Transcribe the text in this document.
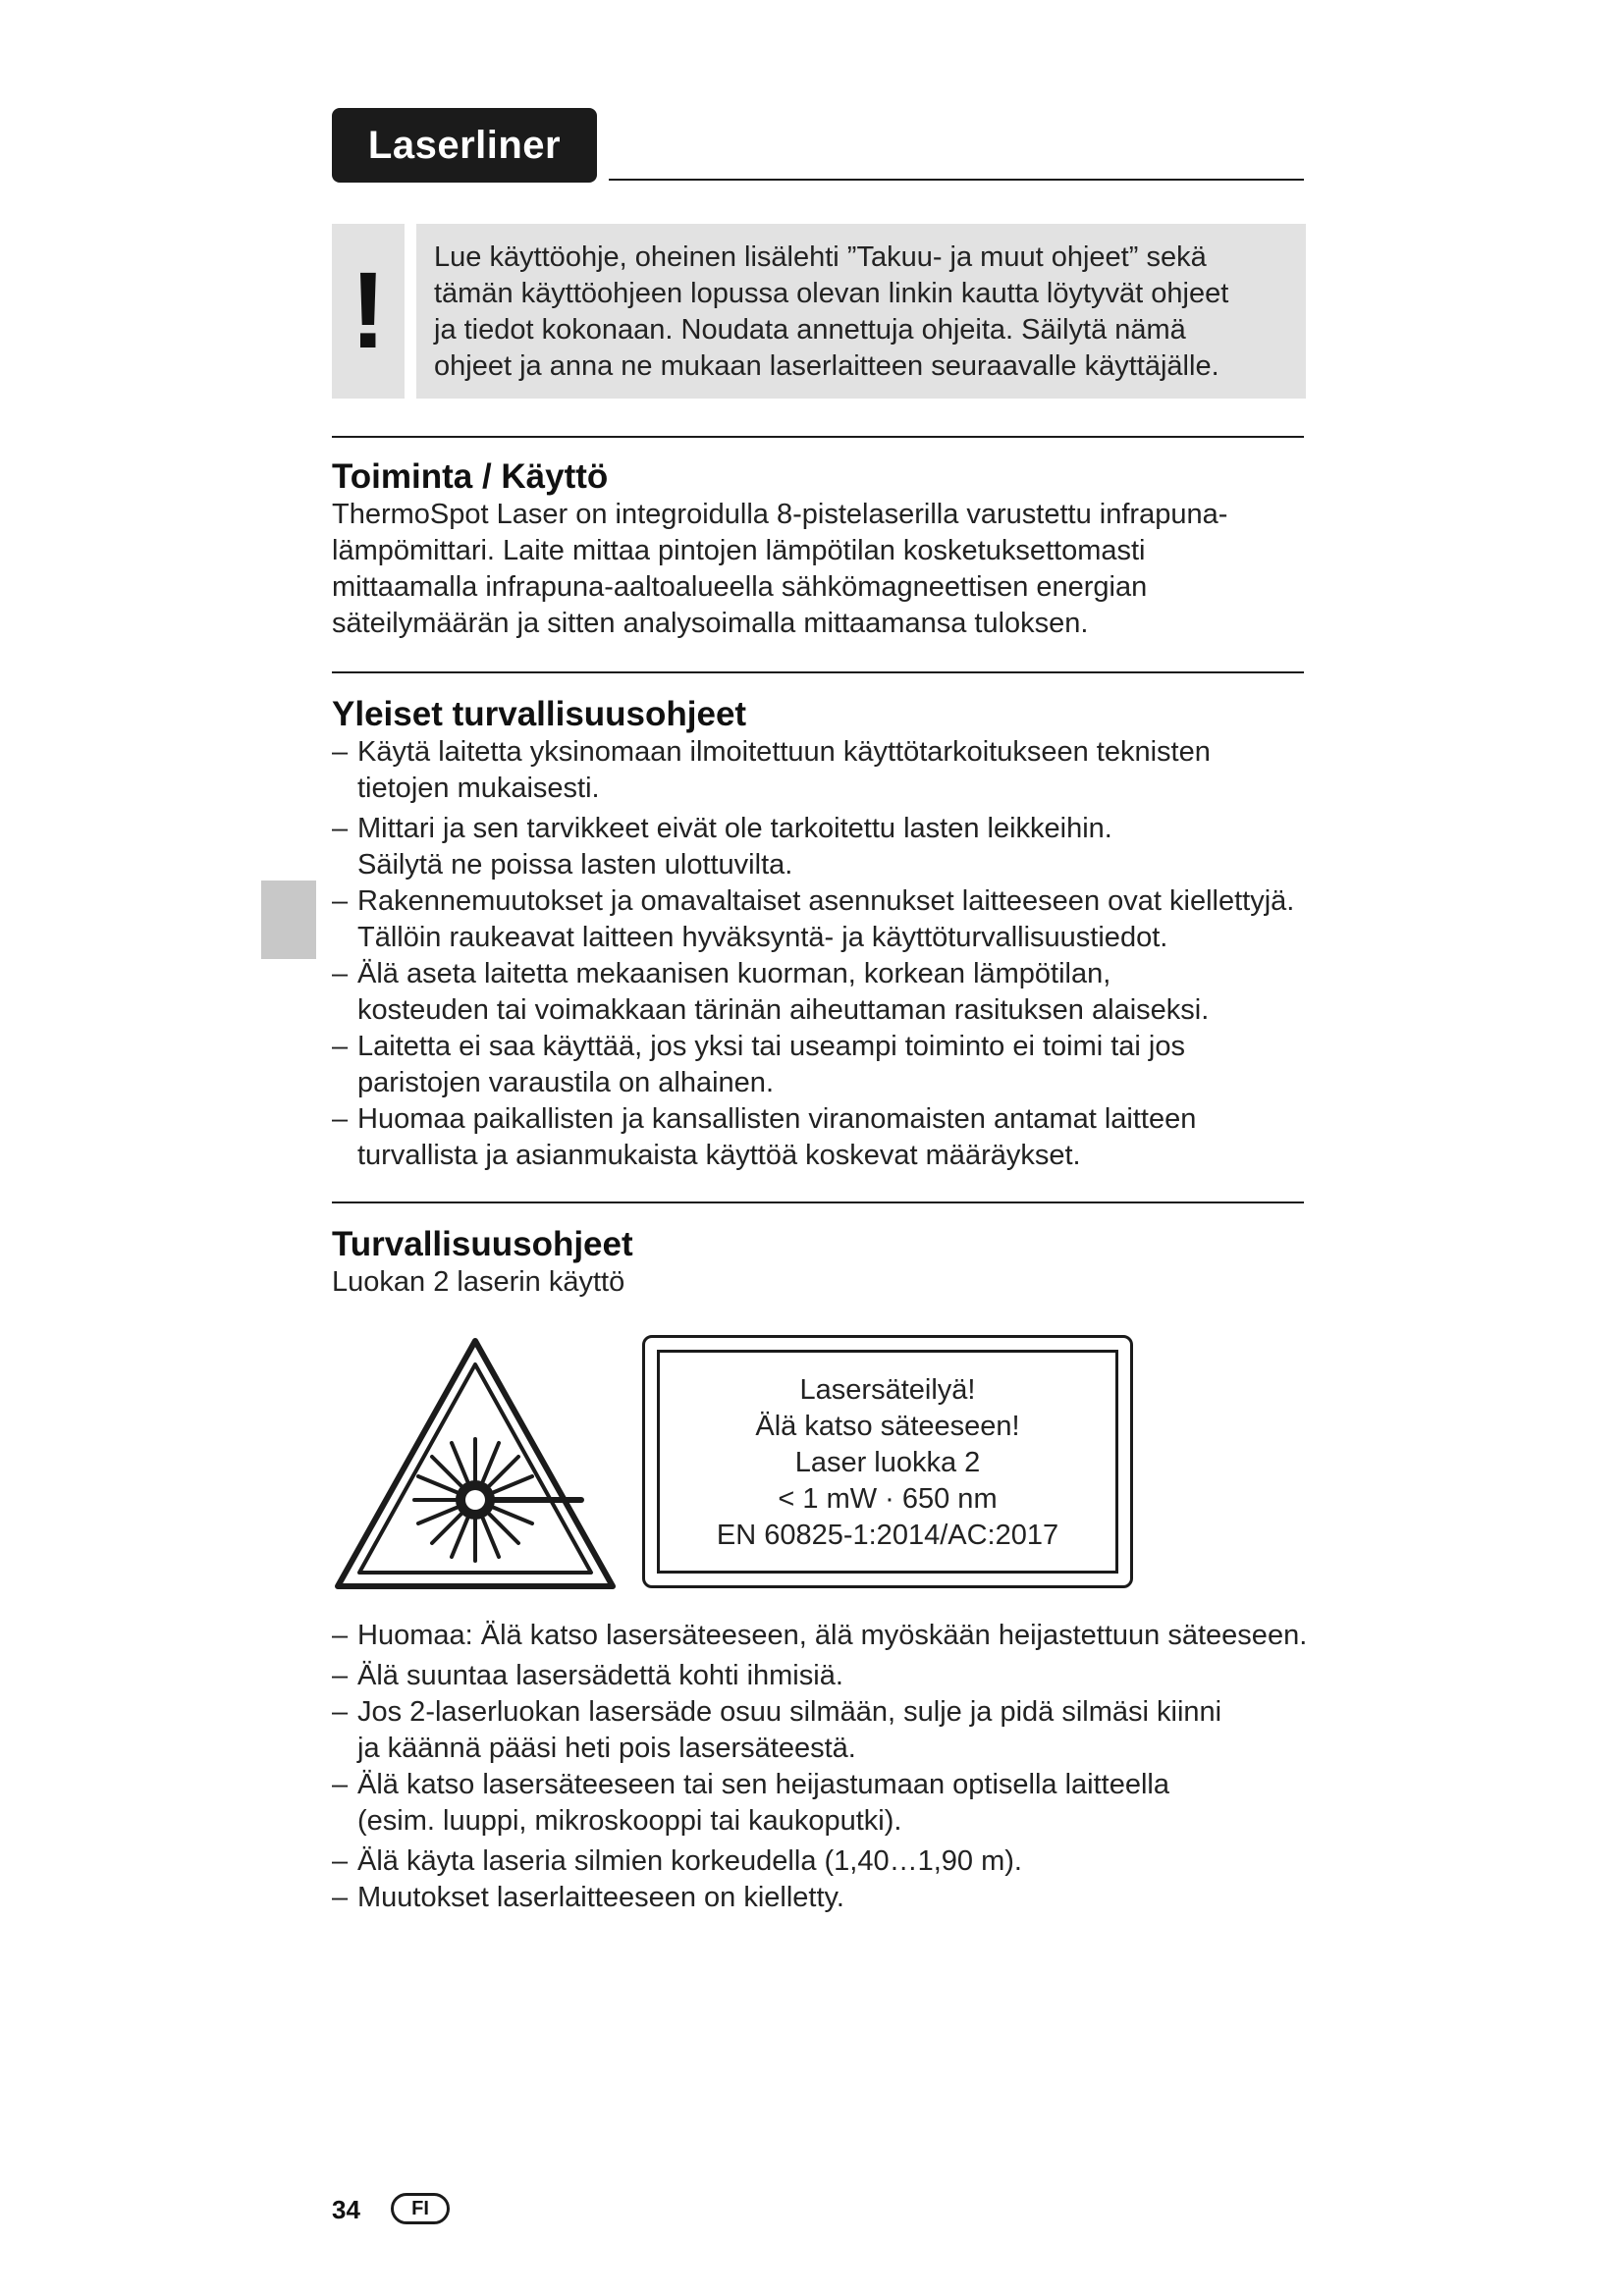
Laserliner
!	Lue käyttöohje, oheinen lisälehti ”Takuu- ja muut ohjeet” sekä
tämän käyttöohjeen lopussa olevan linkin kautta löytyvät ohjeet
ja tiedot kokonaan. Noudata annettuja ohjeita. Säilytä nämä
ohjeet ja anna ne mukaan laserlaitteen seuraavalle käyttäjälle.
Toiminta / Käyttö
ThermoSpot Laser on integroidulla 8-pistelaserilla varustettu infrapuna-
lämpömittari. Laite mittaa pintojen lämpötilan kosketuksettomasti
mittaamalla infrapuna-aaltoalueella sähkömagneettisen energian
säteilymäärän ja sitten analysoimalla mittaamansa tuloksen.
Yleiset turvallisuusohjeet
– Käytä laitetta yksinomaan ilmoitettuun käyttötarkoitukseen teknisten
tietojen mukaisesti.
– Mittari ja sen tarvikkeet eivät ole tarkoitettu lasten leikkeihin.
Säilytä ne poissa lasten ulottuvilta.
– Rakennemuutokset ja omavaltaiset asennukset laitteeseen ovat kiellettyjä.
Tällöin raukeavat laitteen hyväksyntä- ja käyttöturvallisuustiedot.
– Älä aseta laitetta mekaanisen kuorman, korkean lämpötilan,
kosteuden tai voimakkaan tärinän aiheuttaman rasituksen alaiseksi.
– Laitetta ei saa käyttää, jos yksi tai useampi toiminto ei toimi tai jos
paristojen varaustila on alhainen.
– Huomaa paikallisten ja kansallisten viranomaisten antamat laitteen
turvallista ja asianmukaista käyttöä koskevat määräykset.
Turvallisuusohjeet
Luokan 2 laserin käyttö
Lasersäteilyä!
Älä katso säteeseen!
Laser luokka 2
< 1 mW · 650 nm
EN 60825-1:2014/AC:2017
– Huomaa: Älä katso lasersäteeseen, älä myöskään heijastettuun säteeseen.
– Älä suuntaa lasersädettä kohti ihmisiä.
– Jos 2-laserluokan lasersäde osuu silmään, sulje ja pidä silmäsi kiinni
ja käännä pääsi heti pois lasersäteestä.
– Älä katso lasersäteeseen tai sen heijastumaan optisella laitteella
(esim. luuppi, mikroskooppi tai kaukoputki).
– Älä käyta laseria silmien korkeudella (1,40…1,90 m).
– Muutokset laserlaitteeseen on kielletty.
34	FI
